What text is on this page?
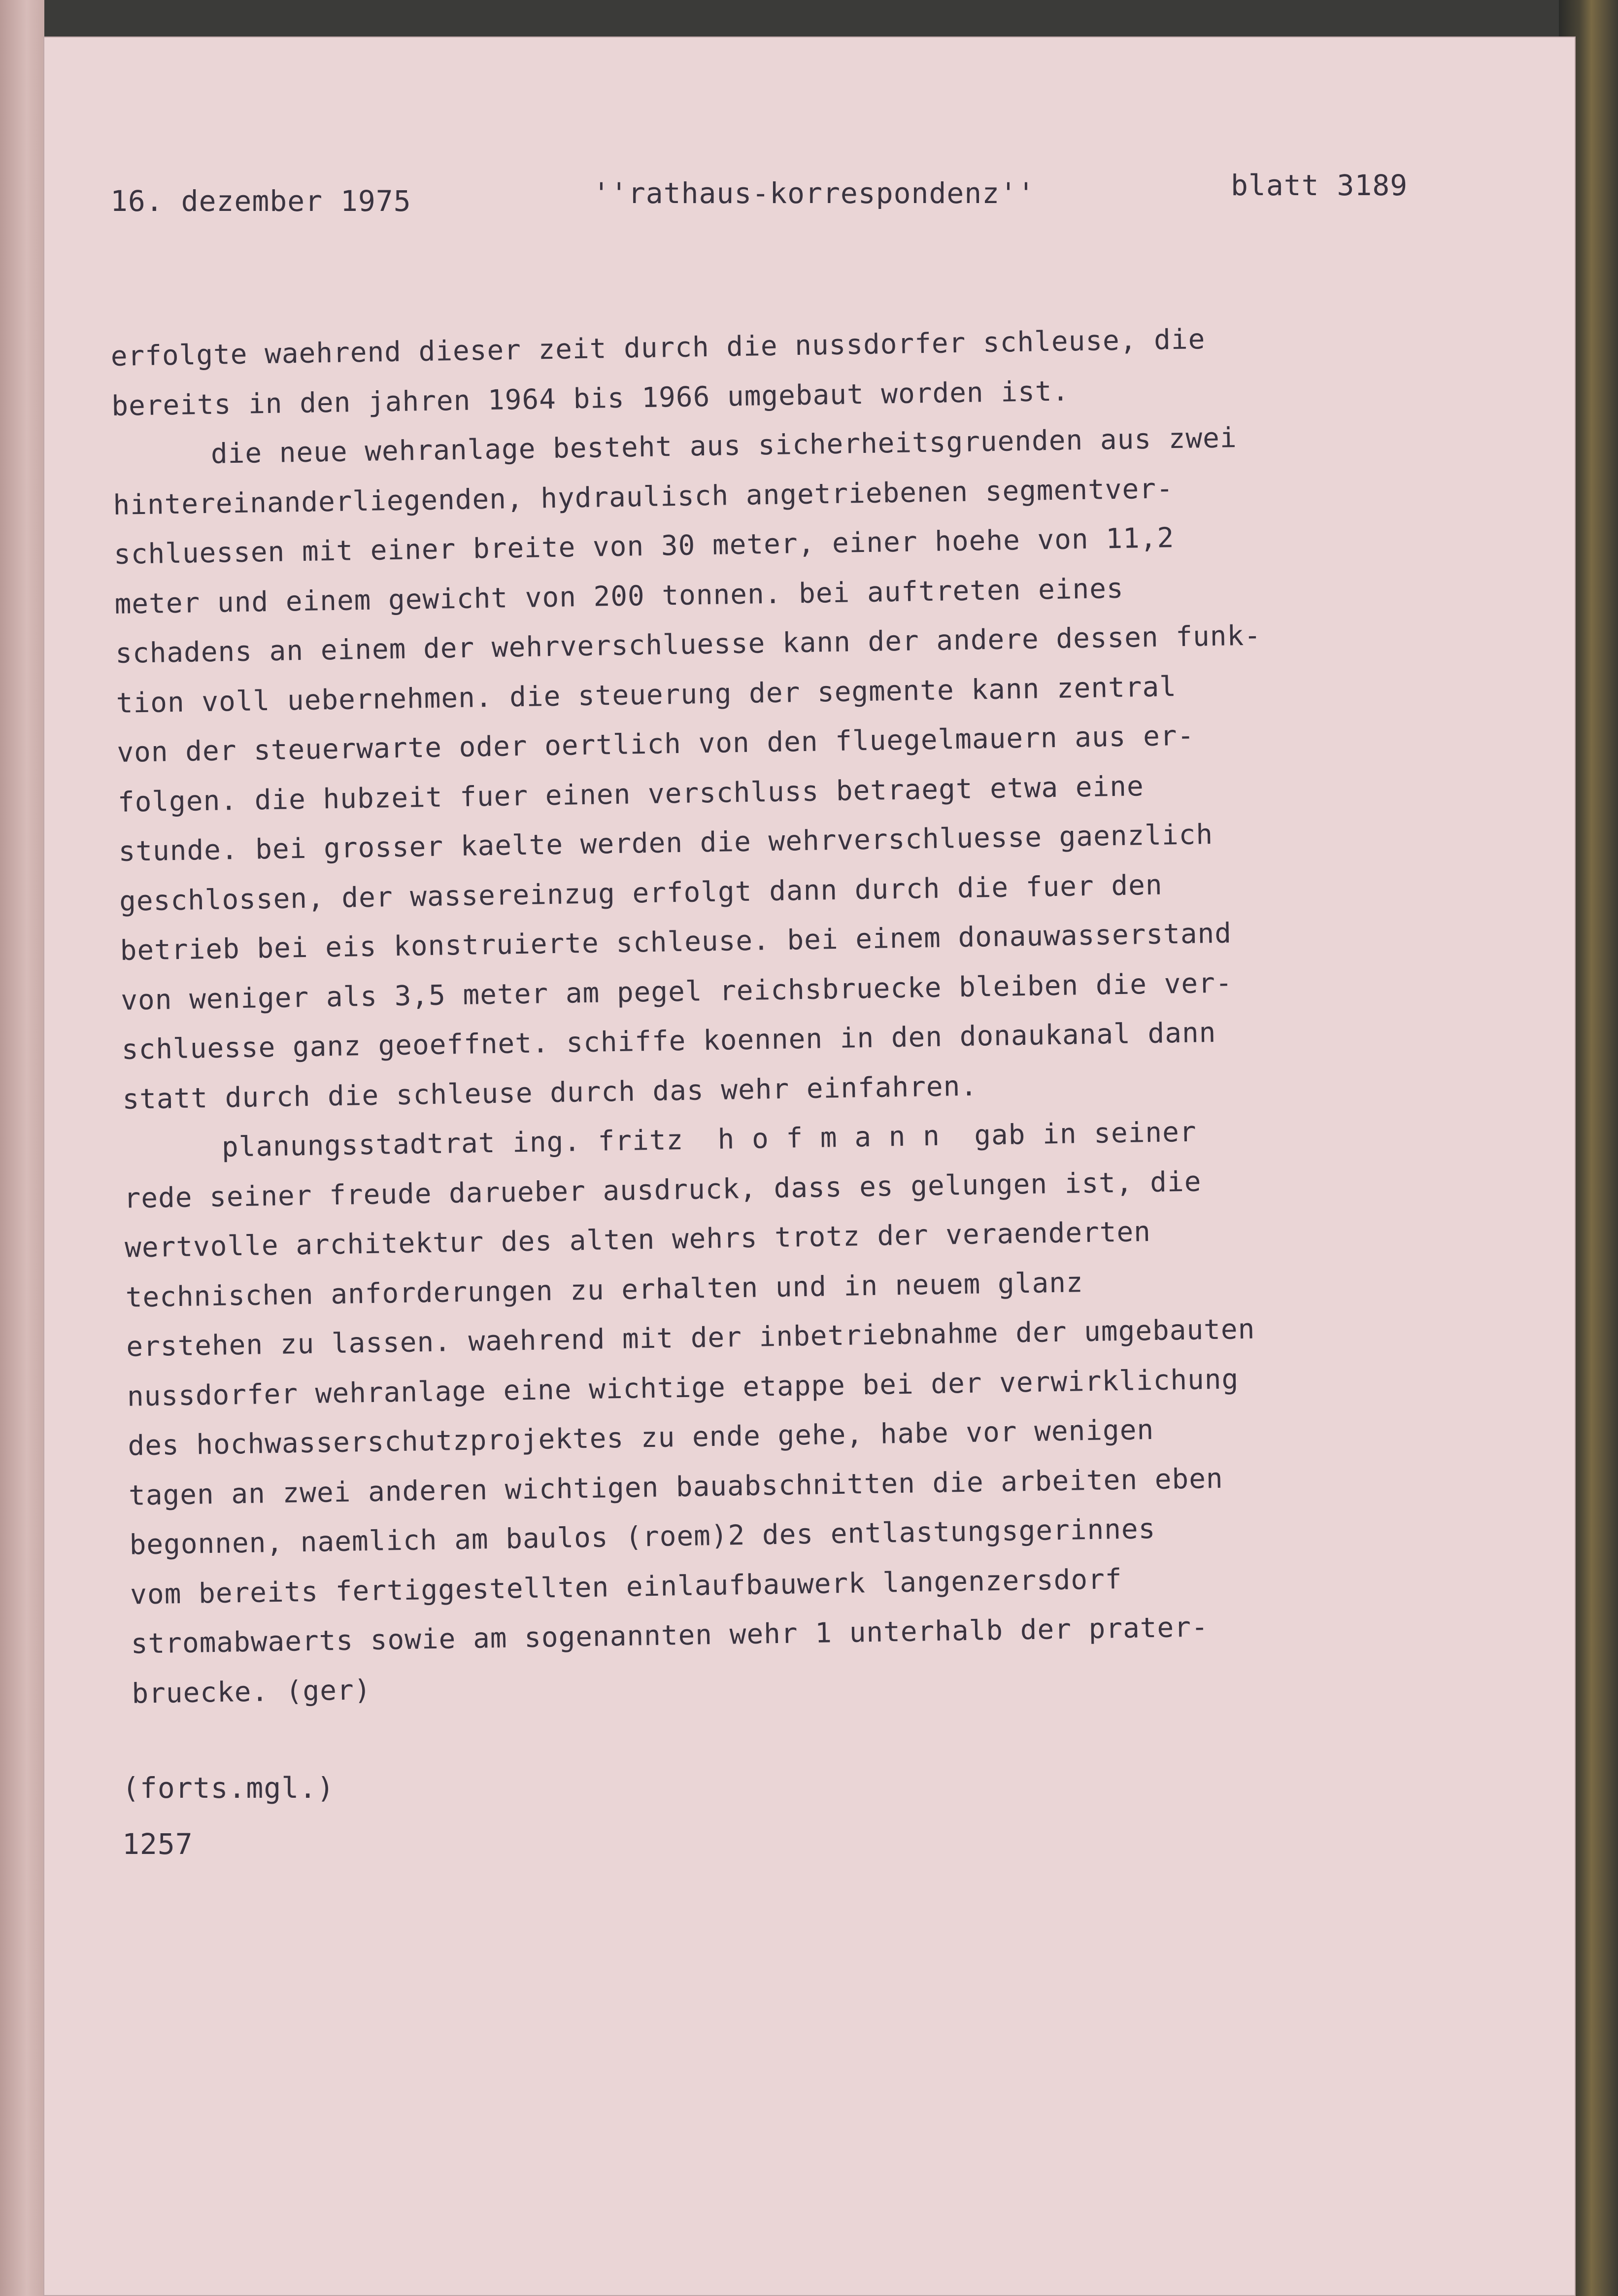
16. dezember 1975	''rathaus-korrespondenz''	blatt 3189
erfolgte waehrend dieser zeit durch die nussdorfer schleuse, die
bereits in den jahren 1964 bis 1966 umgebaut worden ist.
die neue wehranlage besteht aus sicherheitsgruenden aus zwei
hintereinanderliegenden, hydraulisch angetriebenen segmentver-
schluessen mit einer breite von 30 meter, einer hoehe von 11,2
meter und einem gewicht von 200 tonnen. bei auftreten eines
schadens an einem der wehrverschluesse kann der andere dessen funk-
tion voll uebernehmen. die steuerung der segmente kann zentral
von der steuerwarte oder oertlich von den fluegelmauern aus er-
folgen. die hubzeit fuer einen verschluss betraegt etwa eine
stunde. bei grosser kaelte werden die wehrverschluesse gaenzlich
geschlossen, der wassereinzug erfolgt dann durch die fuer den
betrieb bei eis konstruierte schleuse. bei einem donauwasserstand
von weniger als 3,5 meter am pegel reichsbruecke bleiben die ver-
schluesse ganz geoeffnet. schiffe koennen in den donaukanal dann
statt durch die schleuse durch das wehr einfahren.
planungsstadtrat ing. fritz  h o f m a n n  gab in seiner
rede seiner freude darueber ausdruck, dass es gelungen ist, die
wertvolle architektur des alten wehrs trotz der veraenderten
technischen anforderungen zu erhalten und in neuem glanz
erstehen zu lassen. waehrend mit der inbetriebnahme der umgebauten
nussdorfer wehranlage eine wichtige etappe bei der verwirklichung
des hochwasserschutzprojektes zu ende gehe, habe vor wenigen
tagen an zwei anderen wichtigen bauabschnitten die arbeiten eben
begonnen, naemlich am baulos (roem)2 des entlastungsgerinnes
vom bereits fertiggestellten einlaufbauwerk langenzersdorf
stromabwaerts sowie am sogenannten wehr 1 unterhalb der prater-
bruecke. (ger)
(forts.mgl.)
1257
